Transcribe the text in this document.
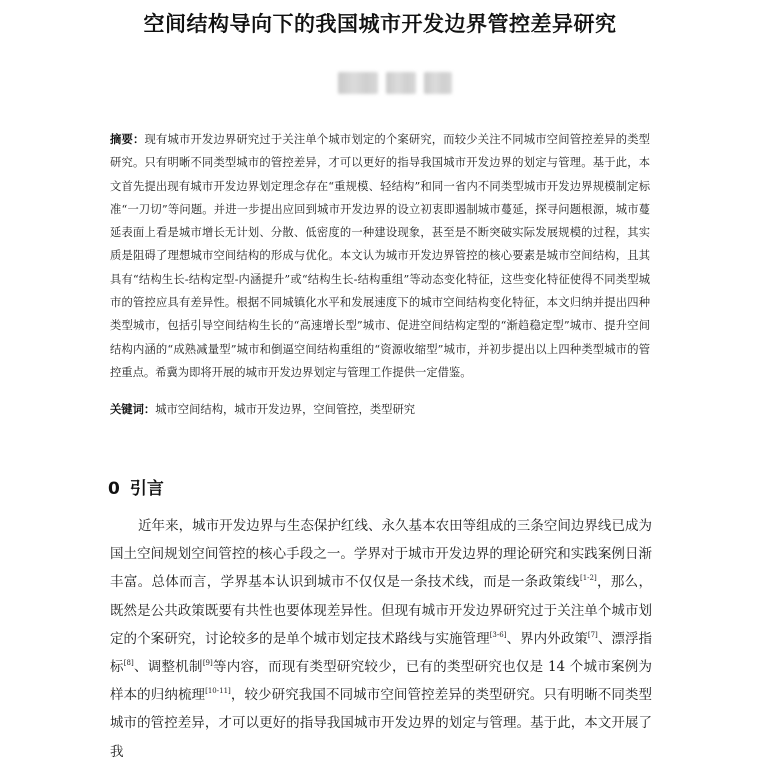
空间结构导向下的我国城市开发边界管控差异研究
摘要：现有城市开发边界研究过于关注单个城市划定的个案研究，而较少关注不同城市空间管控差异的类型研究。只有明晰不同类型城市的管控差异，才可以更好的指导我国城市开发边界的划定与管理。基于此，本文首先提出现有城市开发边界划定理念存在“重规模、轻结构”和同一省内不同类型城市开发边界规模制定标准“一刀切”等问题。并进一步提出应回到城市开发边界的设立初衷即遏制城市蔓延，探寻问题根源，城市蔓延表面上看是城市增长无计划、分散、低密度的一种建设现象，甚至是不断突破实际发展规模的过程，其实质是阻碍了理想城市空间结构的形成与优化。本文认为城市开发边界管控的核心要素是城市空间结构，且其具有“结构生长-结构定型-内涵提升”或“结构生长-结构重组”等动态变化特征，这些变化特征使得不同类型城市的管控应具有差异性。根据不同城镇化水平和发展速度下的城市空间结构变化特征，本文归纳并提出四种类型城市，包括引导空间结构生长的“高速增长型”城市、促进空间结构定型的“渐趋稳定型”城市、提升空间结构内涵的“成熟减量型”城市和倒逼空间结构重组的“资源收缩型”城市，并初步提出以上四种类型城市的管控重点。希冀为即将开展的城市开发边界划定与管理工作提供一定借鉴。
关键词：城市空间结构，城市开发边界，空间管控，类型研究
0 引言
近年来，城市开发边界与生态保护红线、永久基本农田等组成的三条空间边界线已成为国土空间规划空间管控的核心手段之一。学界对于城市开发边界的理论研究和实践案例日渐丰富。总体而言，学界基本认识到城市不仅仅是一条技术线，而是一条政策线[1-2]，那么，既然是公共政策既要有共性也要体现差异性。但现有城市开发边界研究过于关注单个城市划定的个案研究，讨论较多的是单个城市划定技术路线与实施管理[3-6]、界内外政策[7]、漂浮指标[8]、调整机制[9]等内容，而现有类型研究较少，已有的类型研究也仅是 14 个城市案例为样本的归纳梳理[10-11]，较少研究我国不同城市空间管控差异的类型研究。只有明晰不同类型城市的管控差异，才可以更好的指导我国城市开发边界的划定与管理。基于此，本文开展了我
